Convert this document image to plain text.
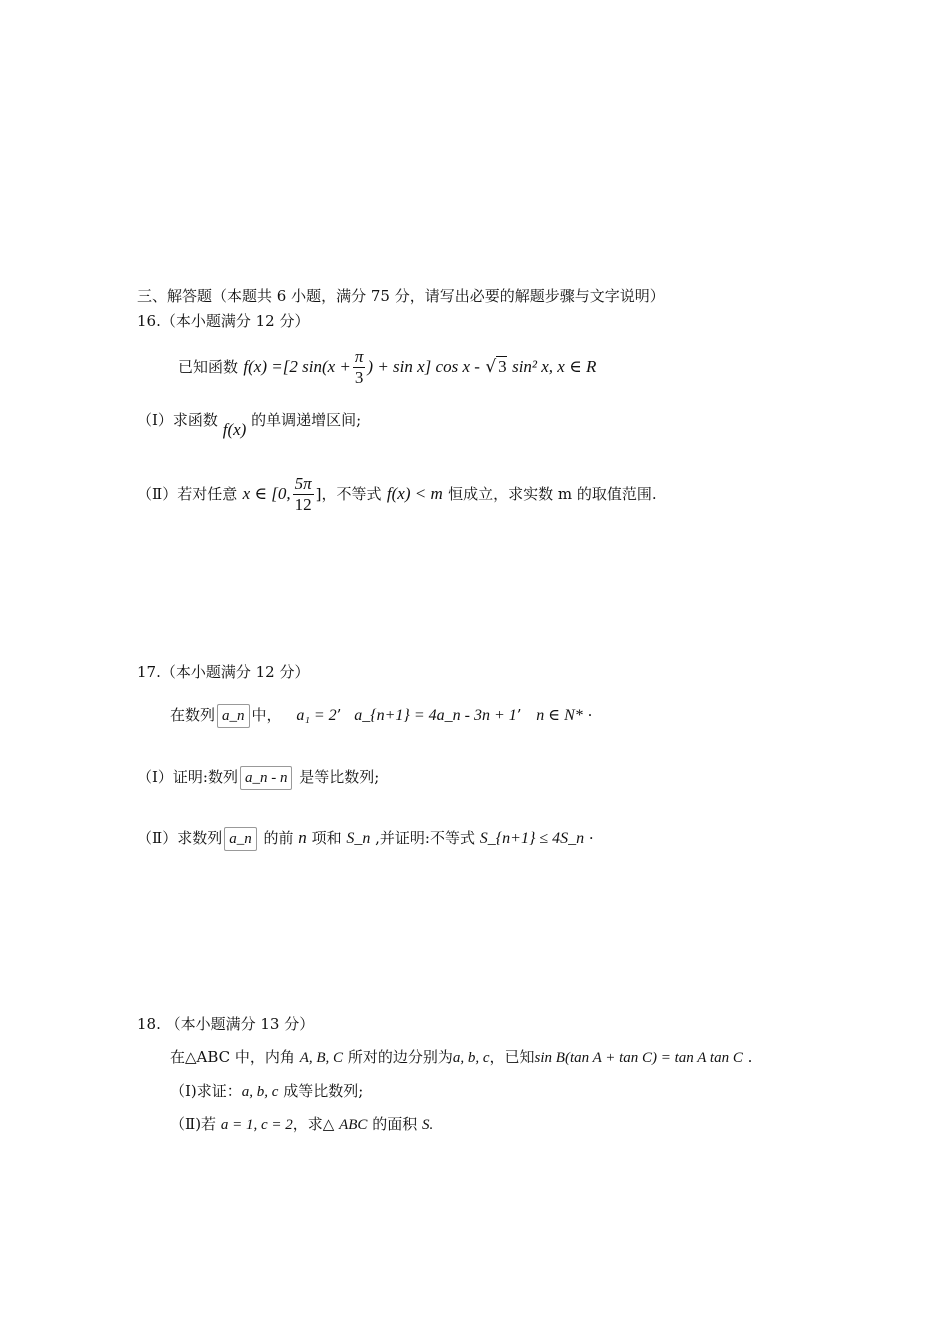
三、解答题（本题共 6 小题，满分 75 分，请写出必要的解题步骤与文字说明）
16.（本小题满分 12 分）
已知函数 f(x) =[2 $\sin(x + \frac{\pi}{3}$ ) + sin x] cos x - √ 3 sin² x, x ∈ R
（Ⅰ）求函数 f(x) 的单调递增区间;
（Ⅱ）若对任意 x ∈ [0, $\frac{5\pi}{12}$ ]，不等式 f(x) < m 恒成立，求实数 m 的取值范围.
17.（本小题满分 12 分）
在数列 a_n 中， a₁ = 2’ a_{n+1} = 4a_n - 3n + 1’ n ∈ N* ·
（Ⅰ）证明:数列 a_n - n 是等比数列;
（Ⅱ）求数列 a_n 的前 n 项和 S_n ,并证明:不等式 S_{n+1} ≤ 4S_n ·
18. （本小题满分 13 分）
在△ABC 中，内角 A, B, C 所对的边分别为a, b, c，已知sin B(tan A + tan C) = tan A tan C .
（Ⅰ)求证：a, b, c 成等比数列;
（Ⅱ)若 a = 1, c = 2，求△ ABC 的面积 S.
